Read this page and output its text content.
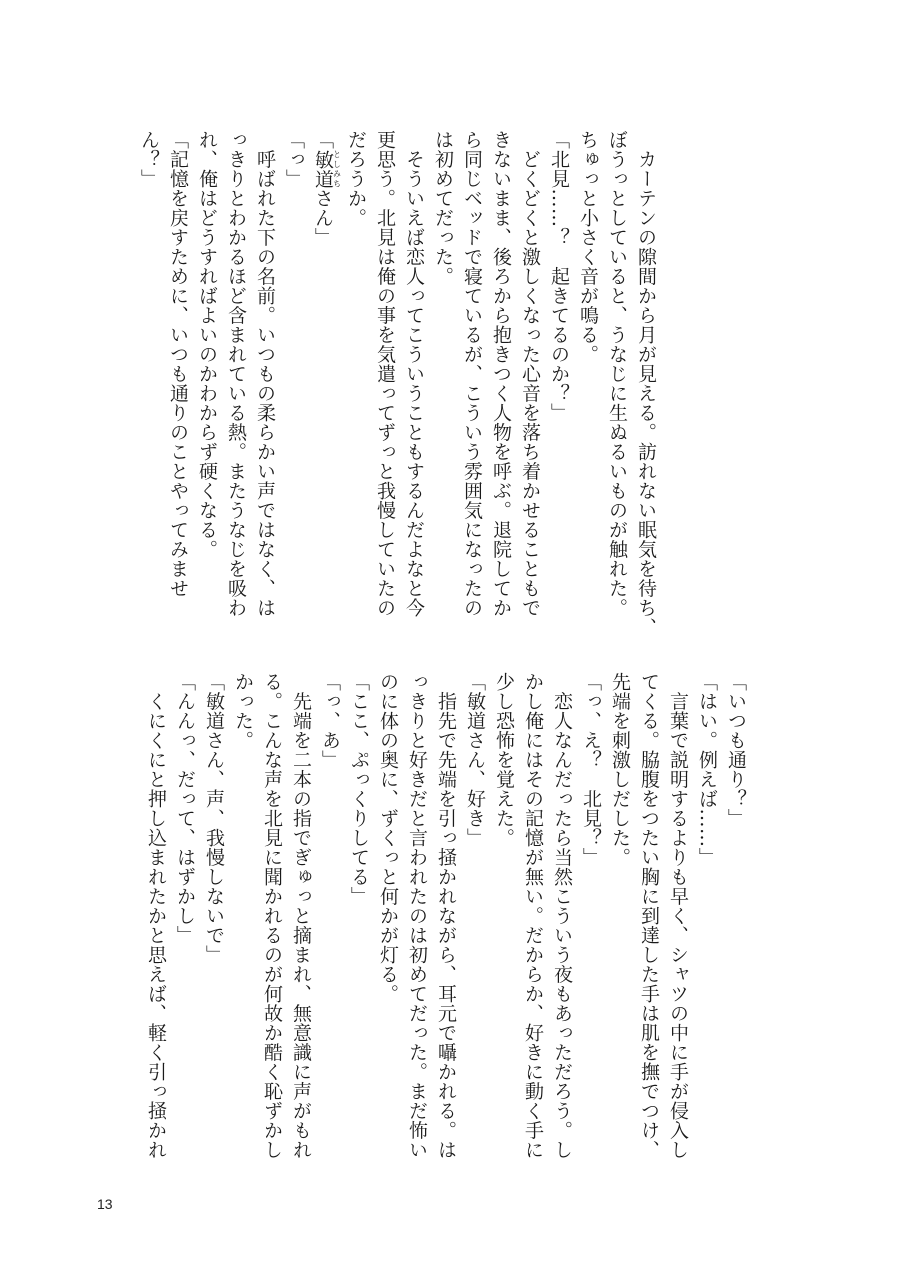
　カーテンの隙間から月が見える。訪れない眠気を待ち、
ぼうっとしていると、うなじに生ぬるいものが触れた。
ちゅっと小さく音が鳴る。
「北見……？　起きてるのか？」
　どくどくと激しくなった心音を落ち着かせることもで
きないまま、後ろから抱きつく人物を呼ぶ。退院してか
ら同じベッドで寝ているが、こういう雰囲気になったの
は初めてだった。
　そういえば恋人ってこういうこともするんだよなと今
更思う。北見は俺の事を気遣ってずっと我慢していたの
だろうか。
「敏道としみちさん」
「っ」
　呼ばれた下の名前。いつもの柔らかい声ではなく、は
っきりとわかるほど含まれている熱。またうなじを吸わ
れ、俺はどうすればよいのかわからず硬くなる。
「記憶を戻すために、いつも通りのことやってみませ
ん？」
「いつも通り？」
「はい。例えば……」
　言葉で説明するよりも早く、シャツの中に手が侵入し
てくる。脇腹をつたい胸に到達した手は肌を撫でつけ、
先端を刺激しだした。
「っ、え？　北見？」
　恋人なんだったら当然こういう夜もあっただろう。し
かし俺にはその記憶が無い。だからか、好きに動く手に
少し恐怖を覚えた。
「敏道さん、好き」
　指先で先端を引っ掻かれながら、耳元で囁かれる。は
っきりと好きだと言われたのは初めてだった。まだ怖い
のに体の奥に、ずくっと何かが灯る。
「ここ、ぷっくりしてる」
「っ、あ」
　先端を二本の指でぎゅっと摘まれ、無意識に声がもれ
る。こんな声を北見に聞かれるのが何故か酷く恥ずかし
かった。
「敏道さん、声、我慢しないで」
「んんっ、だって、はずかし」
　くにくにと押し込まれたかと思えば、軽く引っ掻かれ
13
